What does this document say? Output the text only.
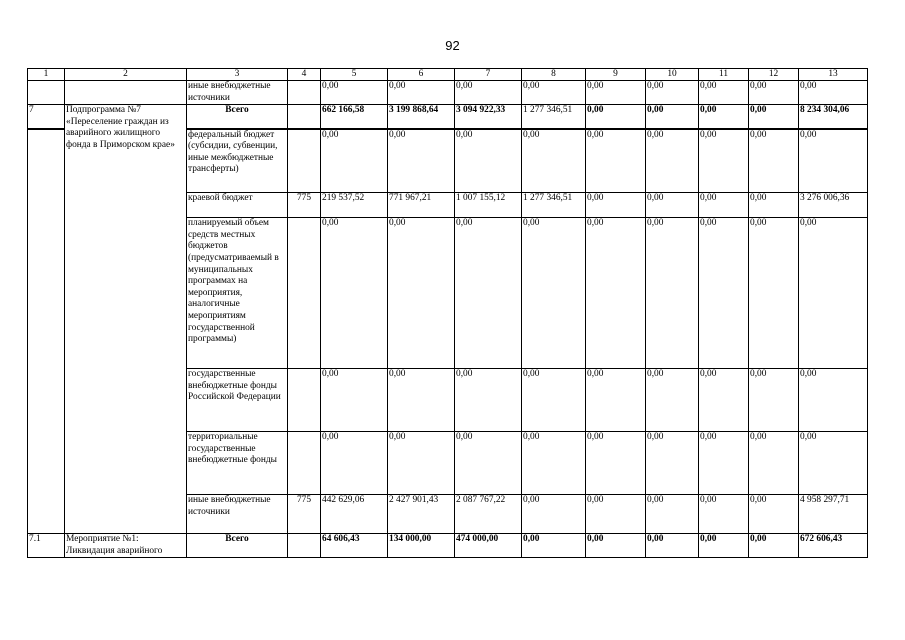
92
1	2	3	4	5	6	7	8	9	10	11	12	13
		иные внебюджетные источники		0,00	0,00	0,00	0,00	0,00	0,00	0,00	0,00	0,00
7	Подпрограмма №7 «Переселение граждан из аварийного жилищного фонда в Приморском крае»	Всего		662 166,58	3 199 868,64	3 094 922,33	1 277 346,51	0,00	0,00	0,00	0,00	8 234 304,06
		федеральный бюджет (субсидии, субвенции, иные межбюджетные трансферты)		0,00	0,00	0,00	0,00	0,00	0,00	0,00	0,00	0,00
		краевой бюджет	775	219 537,52	771 967,21	1 007 155,12	1 277 346,51	0,00	0,00	0,00	0,00	3 276 006,36
		планируемый объем средств местных бюджетов (предусматриваемый в муниципальных программах на мероприятия, аналогичные мероприятиям государственной программы)		0,00	0,00	0,00	0,00	0,00	0,00	0,00	0,00	0,00
		государственные внебюджетные фонды Российской Федерации		0,00	0,00	0,00	0,00	0,00	0,00	0,00	0,00	0,00
		территориальные государственные внебюджетные фонды		0,00	0,00	0,00	0,00	0,00	0,00	0,00	0,00	0,00
		иные внебюджетные источники	775	442 629,06	2 427 901,43	2 087 767,22	0,00	0,00	0,00	0,00	0,00	4 958 297,71
7.1	Мероприятие №1: Ликвидация аварийного	Всего		64 606,43	134 000,00	474 000,00	0,00	0,00	0,00	0,00	0,00	672 606,43
